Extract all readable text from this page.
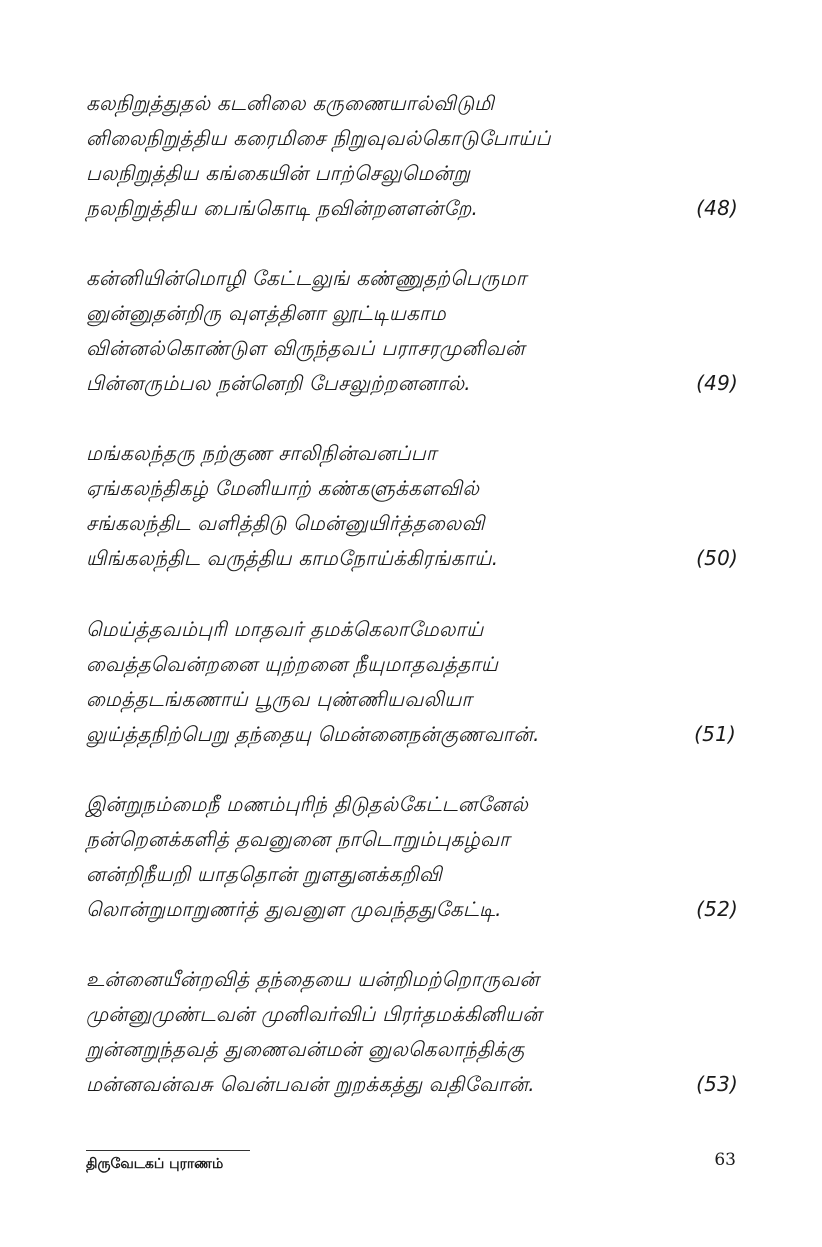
கலநிறுத்துதல் கடனிலை கருணையால்விடுமி
னிலைநிறுத்திய கரைமிசை நிறுவுவல்கொடுபோய்ப்
பலநிறுத்திய கங்கையின் பாற்செலுமென்று
நலநிறுத்திய பைங்கொடி நவின்றனளன்றே.	(48)
கன்னியின்மொழி கேட்டலுங் கண்ணுதற்பெருமா
னுன்னுதன்றிரு வுளத்தினா லூட்டியகாம
வின்னல்கொண்டுள விருந்தவப் பராசரமுனிவன்
பின்னரும்பல நன்னெறி பேசலுற்றனனால்.	(49)
மங்கலந்தரு நற்குண சாலிநின்வனப்பா
ஏங்கலந்திகழ் மேனியாற் கண்களுக்களவில்
சங்கலந்திட வளித்திடு மென்னுயிர்த்தலைவி
யிங்கலந்திட வருத்திய காமநோய்க்கிரங்காய்.	(50)
மெய்த்தவம்புரி மாதவர் தமக்கெலாமேலாய்
வைத்தவென்றனை யுற்றனை நீயுமாதவத்தாய்
மைத்தடங்கணாய் பூருவ புண்ணியவலியா
லுய்த்தநிற்பெறு தந்தையு மென்னைநன்குணவான்.	(51)
இன்றுநம்மைநீ மணம்புரிந் திடுதல்கேட்டனனேல்
நன்றெனக்களித் தவனுனை நாடொறும்புகழ்வா
னன்றிநீயறி யாததொன் றுளதுனக்கறிவி
லொன்றுமாறுணர்த் துவனுள முவந்ததுகேட்டி.	(52)
உன்னையீன்றவித் தந்தையை யன்றிமற்றொருவன்
முன்னுமுண்டவன் முனிவர்விப் பிரர்தமக்கினியன்
றுன்னறுந்தவத் துணைவன்மன் னுலகெலாந்திக்கு
மன்னவன்வசு வென்பவன் றுறக்கத்து வதிவோன்.	(53)
திருவேடகப் புராணம்	63
